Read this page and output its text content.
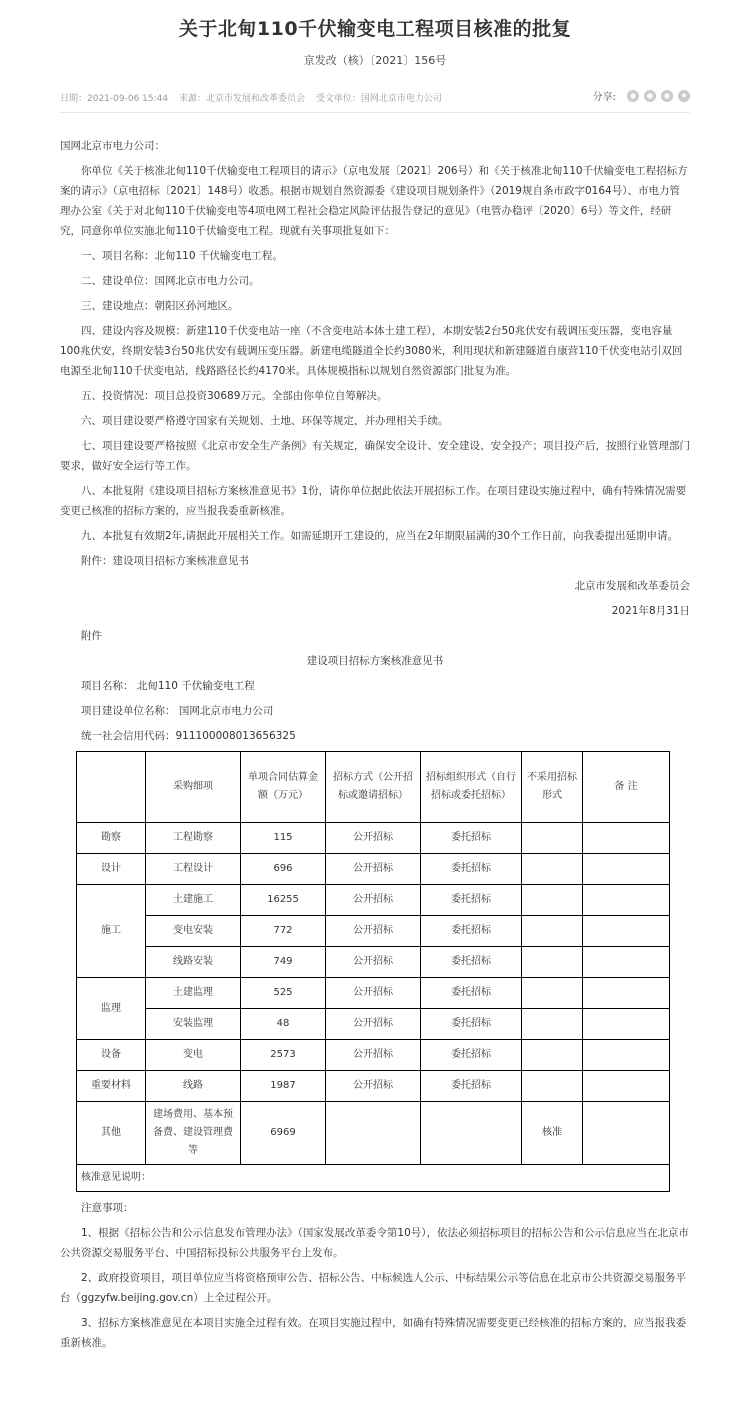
关于北甸110千伏输变电工程项目核准的批复
京发改（核）〔2021〕156号
日期：2021-09-06 15:44 来源：北京市发展和改革委员会 受文单位：国网北京市电力公司	分享:	◉	◉	◉	★

国网北京市电力公司：

你单位《关于核准北甸110千伏输变电工程项目的请示》（京电发展〔2021〕206号）和《关于核准北甸110千伏输变电工程招标方案的请示》（京电招标〔2021〕148号）收悉。根据市规划自然资源委《建设项目规划条件》（2019规自条市政字0164号）、市电力管理办公室《关于对北甸110千伏输变电等4项电网工程社会稳定风险评估报告登记的意见》（电管办稳评〔2020〕6号）等文件，经研究，同意你单位实施北甸110千伏输变电工程。现就有关事项批复如下：

一、项目名称：北甸110 千伏输变电工程。

二、建设单位：国网北京市电力公司。

三、建设地点：朝阳区孙河地区。

四、建设内容及规模：新建110千伏变电站一座（不含变电站本体土建工程），本期安装2台50兆伏安有载调压变压器，变电容量100兆伏安，终期安装3台50兆伏安有载调压变压器。新建电缆隧道全长约3080米，利用现状和新建隧道自康营110千伏变电站引双回电源至北甸110千伏变电站，线路路径长约4170米。具体规模指标以规划自然资源部门批复为准。

五、投资情况：项目总投资30689万元。全部由你单位自筹解决。

六、项目建设要严格遵守国家有关规划、土地、环保等规定，并办理相关手续。

七、项目建设要严格按照《北京市安全生产条例》有关规定，确保安全设计、安全建设、安全投产；项目投产后，按照行业管理部门要求，做好安全运行等工作。

八、本批复附《建设项目招标方案核准意见书》1份，请你单位据此依法开展招标工作。在项目建设实施过程中，确有特殊情况需要变更已核准的招标方案的，应当报我委重新核准。

九、本批复有效期2年,请据此开展相关工作。如需延期开工建设的，应当在2年期限届满的30个工作日前，向我委提出延期申请。

附件：建设项目招标方案核准意见书

北京市发展和改革委员会

2021年8月31日

附件

建设项目招标方案核准意见书

项目名称： 北甸110 千伏输变电工程

项目建设单位名称： 国网北京市电力公司

统一社会信用代码：91110000801365632​5

	采购细项	单项合同估算金额（万元）	招标方式（公开招标或邀请招标）	招标组织形式（自行招标或委托招标）	不采用招标形式	备 注
勘察	工程勘察	115	公开招标	委托招标		
设计	工程设计	696	公开招标	委托招标		
施工	土建施工	16255	公开招标	委托招标		
	变电安装	772	公开招标	委托招标		
	线路安装	749	公开招标	委托招标		
监理	土建监理	525	公开招标	委托招标		
	安装监理	48	公开招标	委托招标		
设备	变电	2573	公开招标	委托招标		
重要材料	线路	1987	公开招标	委托招标		
其他	建场费用、基本预备费、建设管理费等	6969			核准	
核准意见说明：						

注意事项：

1、根据《招标公告和公示信息发布管理办法》（国家发展改革委令第10号），依法必须招标项目的招标公告和公示信息应当在北京市公共资源交易服务平台、中国招标投标公共服务平台上发布。

2、政府投资项目，项目单位应当将资格预审公告、招标公告、中标候选人公示、中标结果公示等信息在北京市公共资源交易服务平台（ggzyfw.beijing.gov.cn）上全过程公开。

3、招标方案核准意见在本项目实施全过程有效。在项目实施过程中，如确有特殊情况需要变更已经核准的招标方案的，应当报我委重新核准。
